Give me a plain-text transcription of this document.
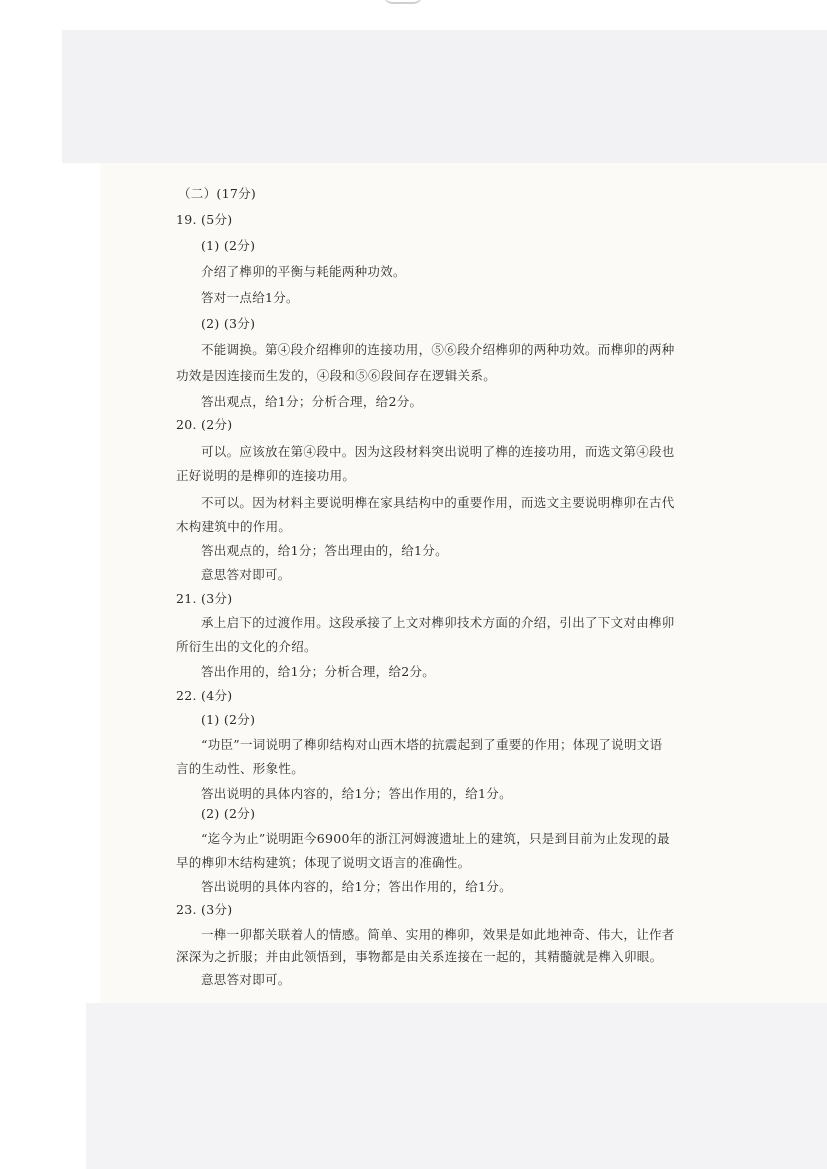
（二）(17分)
19. (5分)
(1) (2分)
介绍了榫卯的平衡与耗能两种功效。
答对一点给1分。
(2) (3分)
不能调换。第④段介绍榫卯的连接功用，⑤⑥段介绍榫卯的两种功效。而榫卯的两种
功效是因连接而生发的，④段和⑤⑥段间存在逻辑关系。
答出观点，给1分；分析合理，给2分。
20. (2分)
可以。应该放在第④段中。因为这段材料突出说明了榫的连接功用，而选文第④段也
正好说明的是榫卯的连接功用。
不可以。因为材料主要说明榫在家具结构中的重要作用，而选文主要说明榫卯在古代
木构建筑中的作用。
答出观点的，给1分；答出理由的，给1分。
意思答对即可。
21. (3分)
承上启下的过渡作用。这段承接了上文对榫卯技术方面的介绍，引出了下文对由榫卯
所衍生出的文化的介绍。
答出作用的，给1分；分析合理，给2分。
22. (4分)
(1) (2分)
“功臣”一词说明了榫卯结构对山西木塔的抗震起到了重要的作用；体现了说明文语
言的生动性、形象性。
答出说明的具体内容的，给1分；答出作用的，给1分。
(2) (2分)
“迄今为止”说明距今6900年的浙江河姆渡遗址上的建筑，只是到目前为止发现的最
早的榫卯木结构建筑；体现了说明文语言的准确性。
答出说明的具体内容的，给1分；答出作用的，给1分。
23. (3分)
一榫一卯都关联着人的情感。简单、实用的榫卯，效果是如此地神奇、伟大，让作者
深深为之折服；并由此领悟到，事物都是由关系连接在一起的，其精髓就是榫入卯眼。
意思答对即可。
